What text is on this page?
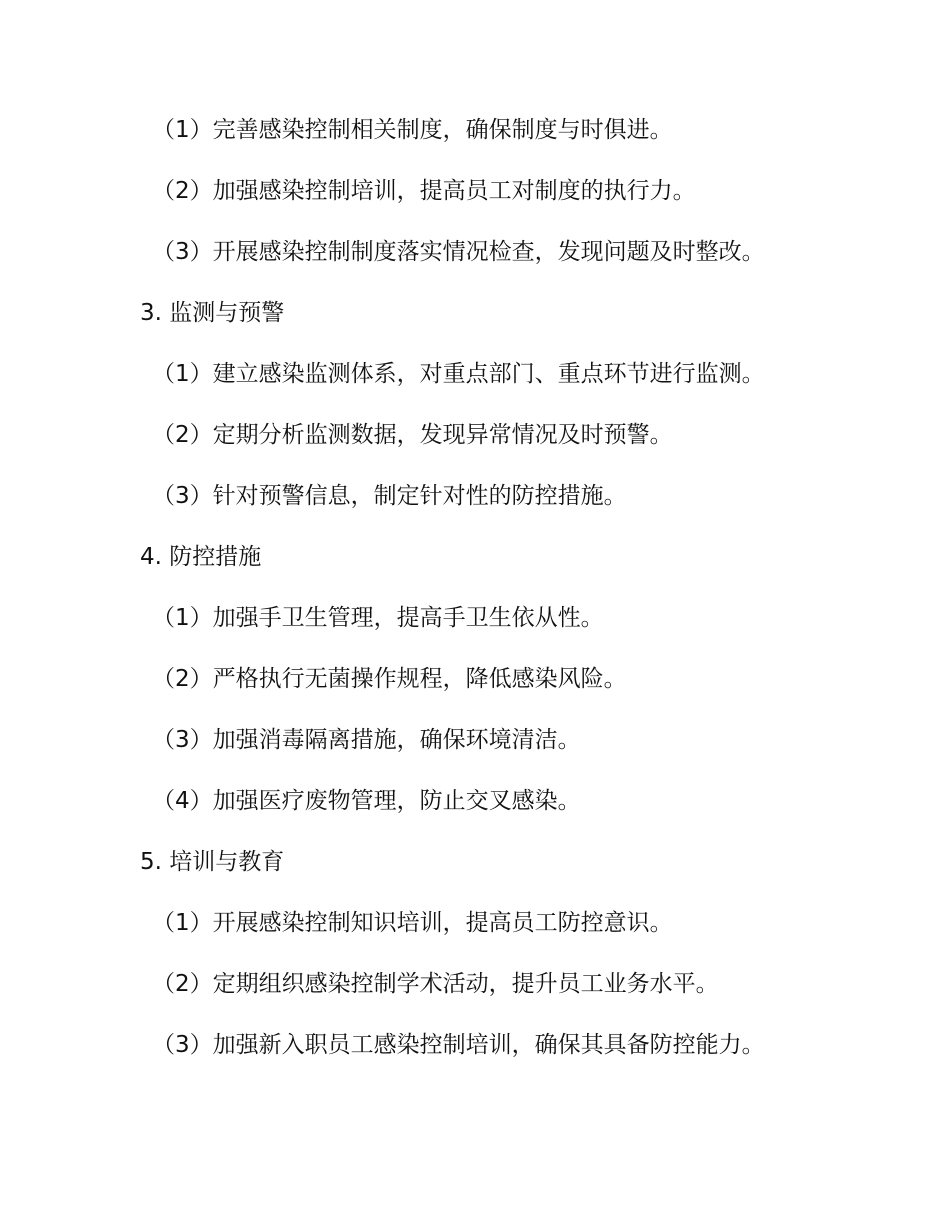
（1）完善感染控制相关制度，确保制度与时俱进。
（2）加强感染控制培训，提高员工对制度的执行力。
（3）开展感染控制制度落实情况检查，发现问题及时整改。
3. 监测与预警
（1）建立感染监测体系，对重点部门、重点环节进行监测。
（2）定期分析监测数据，发现异常情况及时预警。
（3）针对预警信息，制定针对性的防控措施。
4. 防控措施
（1）加强手卫生管理，提高手卫生依从性。
（2）严格执行无菌操作规程，降低感染风险。
（3）加强消毒隔离措施，确保环境清洁。
（4）加强医疗废物管理，防止交叉感染。
5. 培训与教育
（1）开展感染控制知识培训，提高员工防控意识。
（2）定期组织感染控制学术活动，提升员工业务水平。
（3）加强新入职员工感染控制培训，确保其具备防控能力。
